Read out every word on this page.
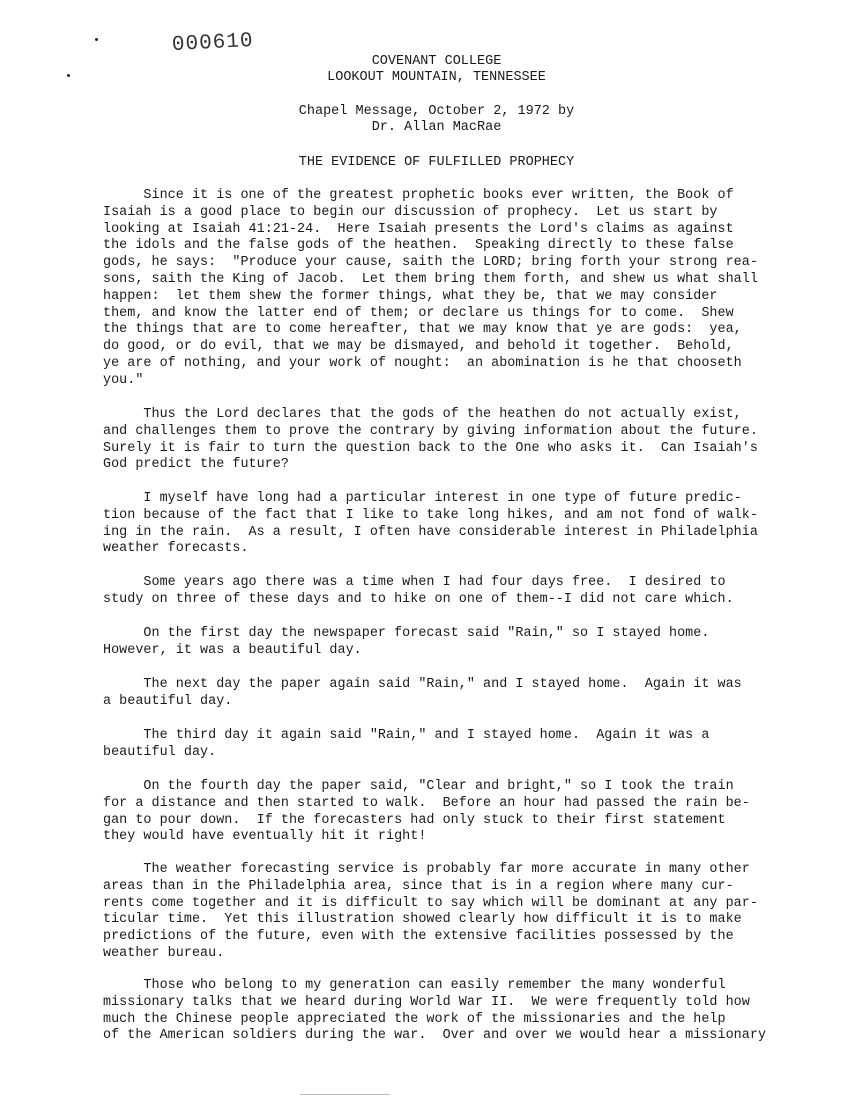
000610
COVENANT COLLEGE
LOOKOUT MOUNTAIN, TENNESSEE
Chapel Message, October 2, 1972 by
Dr. Allan MacRae
THE EVIDENCE OF FULFILLED PROPHECY

Since it is one of the greatest prophetic books ever written, the Book of
Isaiah is a good place to begin our discussion of prophecy.  Let us start by
looking at Isaiah 41:21-24.  Here Isaiah presents the Lord's claims as against
the idols and the false gods of the heathen.  Speaking directly to these false
gods, he says:  "Produce your cause, saith the LORD; bring forth your strong rea-
sons, saith the King of Jacob.  Let them bring them forth, and shew us what shall
happen:  let them shew the former things, what they be, that we may consider
them, and know the latter end of them; or declare us things for to come.  Shew
the things that are to come hereafter, that we may know that ye are gods:  yea,
do good, or do evil, that we may be dismayed, and behold it together.  Behold,
ye are of nothing, and your work of nought:  an abomination is he that chooseth
you."

Thus the Lord declares that the gods of the heathen do not actually exist,
and challenges them to prove the contrary by giving information about the future.
Surely it is fair to turn the question back to the One who asks it.  Can Isaiah's
God predict the future?

I myself have long had a particular interest in one type of future predic-
tion because of the fact that I like to take long hikes, and am not fond of walk-
ing in the rain.  As a result, I often have considerable interest in Philadelphia
weather forecasts.

Some years ago there was a time when I had four days free.  I desired to
study on three of these days and to hike on one of them--I did not care which.

On the first day the newspaper forecast said "Rain," so I stayed home.
However, it was a beautiful day.

The next day the paper again said "Rain," and I stayed home.  Again it was
a beautiful day.

The third day it again said "Rain," and I stayed home.  Again it was a
beautiful day.

On the fourth day the paper said, "Clear and bright," so I took the train
for a distance and then started to walk.  Before an hour had passed the rain be-
gan to pour down.  If the forecasters had only stuck to their first statement
they would have eventually hit it right!

The weather forecasting service is probably far more accurate in many other
areas than in the Philadelphia area, since that is in a region where many cur-
rents come together and it is difficult to say which will be dominant at any par-
ticular time.  Yet this illustration showed clearly how difficult it is to make
predictions of the future, even with the extensive facilities possessed by the
weather bureau.

Those who belong to my generation can easily remember the many wonderful
missionary talks that we heard during World War II.  We were frequently told how
much the Chinese people appreciated the work of the missionaries and the help
of the American soldiers during the war.  Over and over we would hear a missionary
